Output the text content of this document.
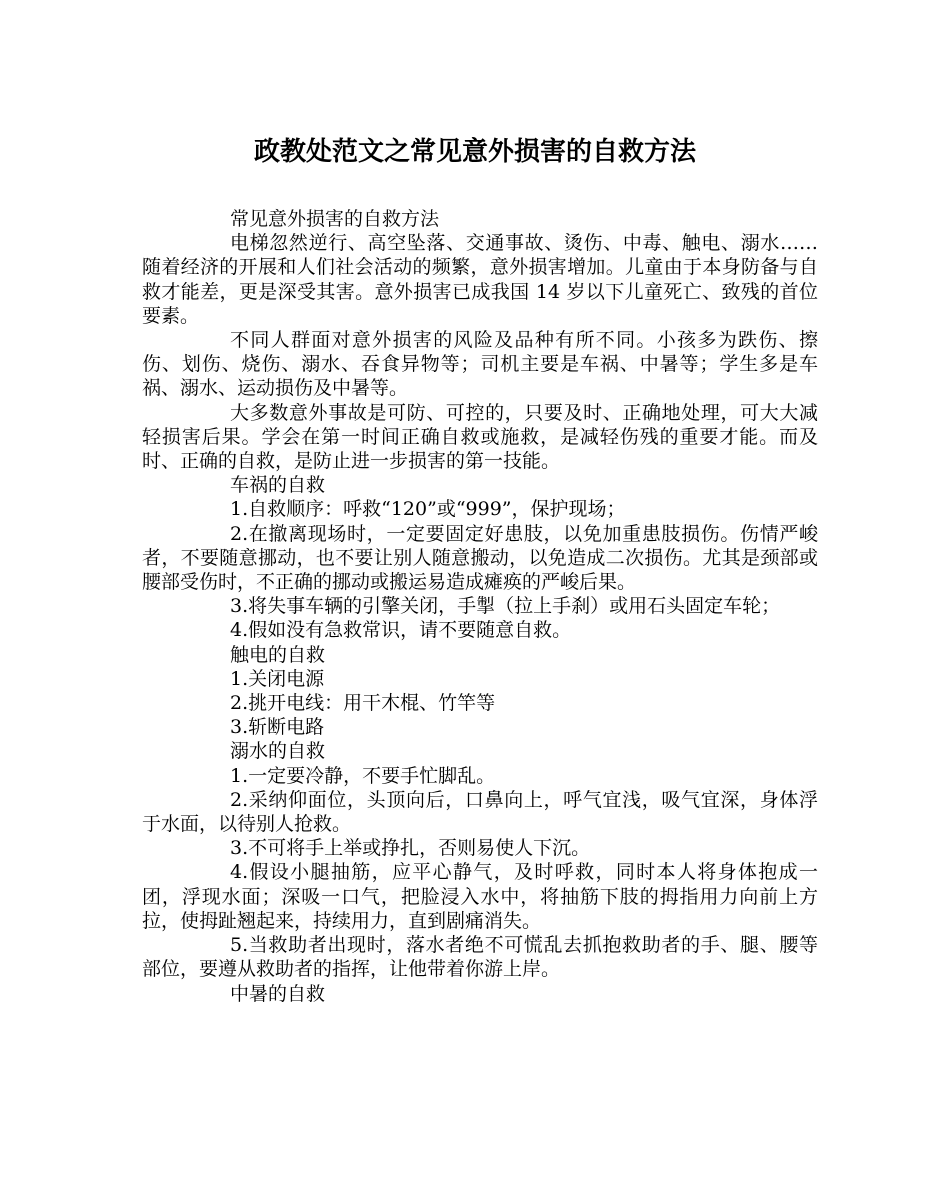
政教处范文之常见意外损害的自救方法

常见意外损害的自救方法

电梯忽然逆行、高空坠落、交通事故、烫伤、中毒、触电、溺水……随着经济的开展和人们社会活动的频繁，意外损害增加。儿童由于本身防备与自救才能差，更是深受其害。意外损害已成我国 14 岁以下儿童死亡、致残的首位要素。

不同人群面对意外损害的风险及品种有所不同。小孩多为跌伤、擦伤、划伤、烧伤、溺水、吞食异物等；司机主要是车祸、中暑等；学生多是车祸、溺水、运动损伤及中暑等。

大多数意外事故是可防、可控的，只要及时、正确地处理，可大大减轻损害后果。学会在第一时间正确自救或施救，是减轻伤残的重要才能。而及时、正确的自救，是防止进一步损害的第一技能。

车祸的自救

1.自救顺序：呼救“120”或“999”，保护现场；

2.在撤离现场时，一定要固定好患肢，以免加重患肢损伤。伤情严峻者，不要随意挪动，也不要让别人随意搬动，以免造成二次损伤。尤其是颈部或腰部受伤时，不正确的挪动或搬运易造成瘫痪的严峻后果。

3.将失事车辆的引擎关闭，手掣（拉上手刹）或用石头固定车轮；

4.假如没有急救常识，请不要随意自救。

触电的自救

1.关闭电源

2.挑开电线：用干木棍、竹竿等

3.斩断电路

溺水的自救

1.一定要冷静，不要手忙脚乱。

2.采纳仰面位，头顶向后，口鼻向上，呼气宜浅，吸气宜深，身体浮于水面，以待别人抢救。

3.不可将手上举或挣扎，否则易使人下沉。

4.假设小腿抽筋，应平心静气，及时呼救，同时本人将身体抱成一团，浮现水面；深吸一口气，把脸浸入水中，将抽筋下肢的拇指用力向前上方拉，使拇趾翘起来，持续用力，直到剧痛消失。

5.当救助者出现时，落水者绝不可慌乱去抓抱救助者的手、腿、腰等部位，要遵从救助者的指挥，让他带着你游上岸。

中暑的自救
